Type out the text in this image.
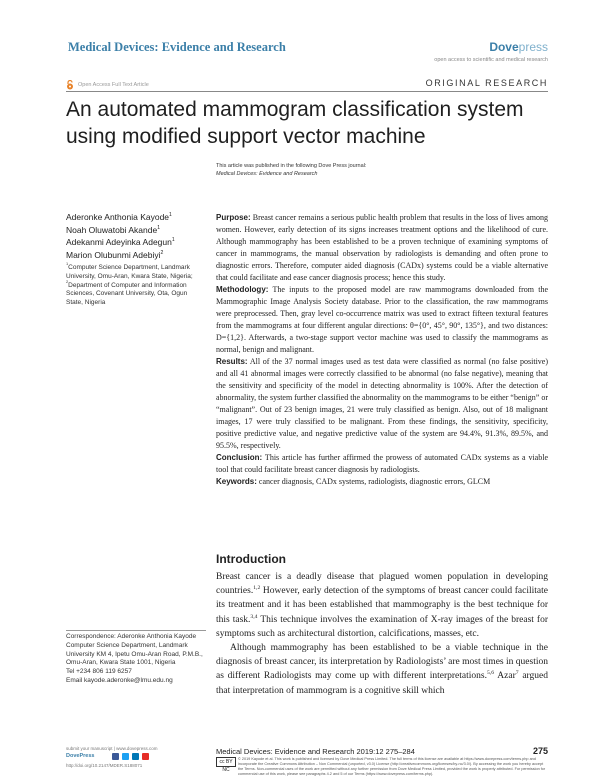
Medical Devices: Evidence and Research	Dovepress
open access to scientific and medical research
Open Access Full Text Article	ORIGINAL RESEARCH
An automated mammogram classification system using modified support vector machine
This article was published in the following Dove Press journal:
Medical Devices: Evidence and Research
Aderonke Anthonia Kayode$^1$
Noah Oluwatobi Akande$^1$
Adekanmi Adeyinka Adegun$^1$
Marion Olubunmi Adebiyi$^2$
$^1$Computer Science Department, Landmark University, Omu-Aran, Kwara State, Nigeria; $^2$Department of Computer and Information Sciences, Covenant University, Ota, Ogun State, Nigeria

Purpose: Breast cancer remains a serious public health problem that results in the loss of lives among women. However, early detection of its signs increases treatment options and the likelihood of cure. Although mammography has been established to be a proven technique of examining symptoms of cancer in mammograms, the manual observation by radiologists is demanding and often prone to diagnostic errors. Therefore, computer aided diagnosis (CADx) systems could be a viable alternative that could facilitate and ease cancer diagnosis process; hence this study.

Methodology: The inputs to the proposed model are raw mammograms downloaded from the Mammographic Image Analysis Society database. Prior to the classification, the raw mammograms were preprocessed. Then, gray level co-occurrence matrix was used to extract fifteen textural features from the mammograms at four different angular directions: θ={0°, 45°, 90°, 135°}, and two distances: D={1,2}. Afterwards, a two-stage support vector machine was used to classify the mammograms as normal, benign and malignant.

Results: All of the 37 normal images used as test data were classified as normal (no false positive) and all 41 abnormal images were correctly classified to be abnormal (no false negative), meaning that the sensitivity and specificity of the model in detecting abnormality is 100%. After the detection of abnormality, the system further classified the abnormality on the mammograms to be either “benign” or “malignant”. Out of 23 benign images, 21 were truly classified as benign. Also, out of 18 malignant images, 17 were truly classified to be malignant. From these findings, the sensitivity, specificity, positive predictive value, and negative predictive value of the system are 94.4%, 91.3%, 89.5%, and 95.5%, respectively.

Conclusion: This article has further affirmed the prowess of automated CADx systems as a viable tool that could facilitate breast cancer diagnosis by radiologists.

Keywords: cancer diagnosis, CADx systems, radiologists, diagnostic errors, GLCM

Introduction

Breast cancer is a deadly disease that plagued women population in developing countries.$^{1,2}$ However, early detection of the symptoms of breast cancer could facilitate its treatment and it has been established that mammography is the best technique for this task.$^{3,4}$ This technique involves the examination of X-ray images of the breast for symptoms such as architectural distortion, calcifications, masses, etc.

Although mammography has been established to be a viable technique in the diagnosis of breast cancer, its interpretation by Radiologists’ are most times in question as different Radiologists may come up with different interpretations.$^{5,6}$ Azar$^7$ argued that interpretation of mammogram is a cognitive skill which

Correspondence: Aderonke Anthonia Kayode
Computer Science Department, Landmark University KM 4, Ipetu Omu-Aran Road, P.M.B., Omu-Aran, Kwara State 1001, Nigeria
Tel +234 806 119 6257
Email kayode.aderonke@lmu.edu.ng
submit your manuscript | www.dovepress.com
DovePress
http://doi.org/10.2147/MDER.S188071
Medical Devices: Evidence and Research 2019:12 275–284	275
cc BY NC
© 2019 Kayode et al. This work is published and licensed by Dove Medical Press Limited. The full terms of this license are available at https://www.dovepress.com/terms.php and incorporate the Creative Commons Attribution – Non Commercial (unported, v3.0) License (http://creativecommons.org/licenses/by-nc/3.0/). By accessing the work you hereby accept the Terms. Non-commercial uses of the work are permitted without any further permission from Dove Medical Press Limited, provided the work is properly attributed. For permission for commercial use of this work, please see paragraphs 4.2 and 5 of our Terms (https://www.dovepress.com/terms.php).
